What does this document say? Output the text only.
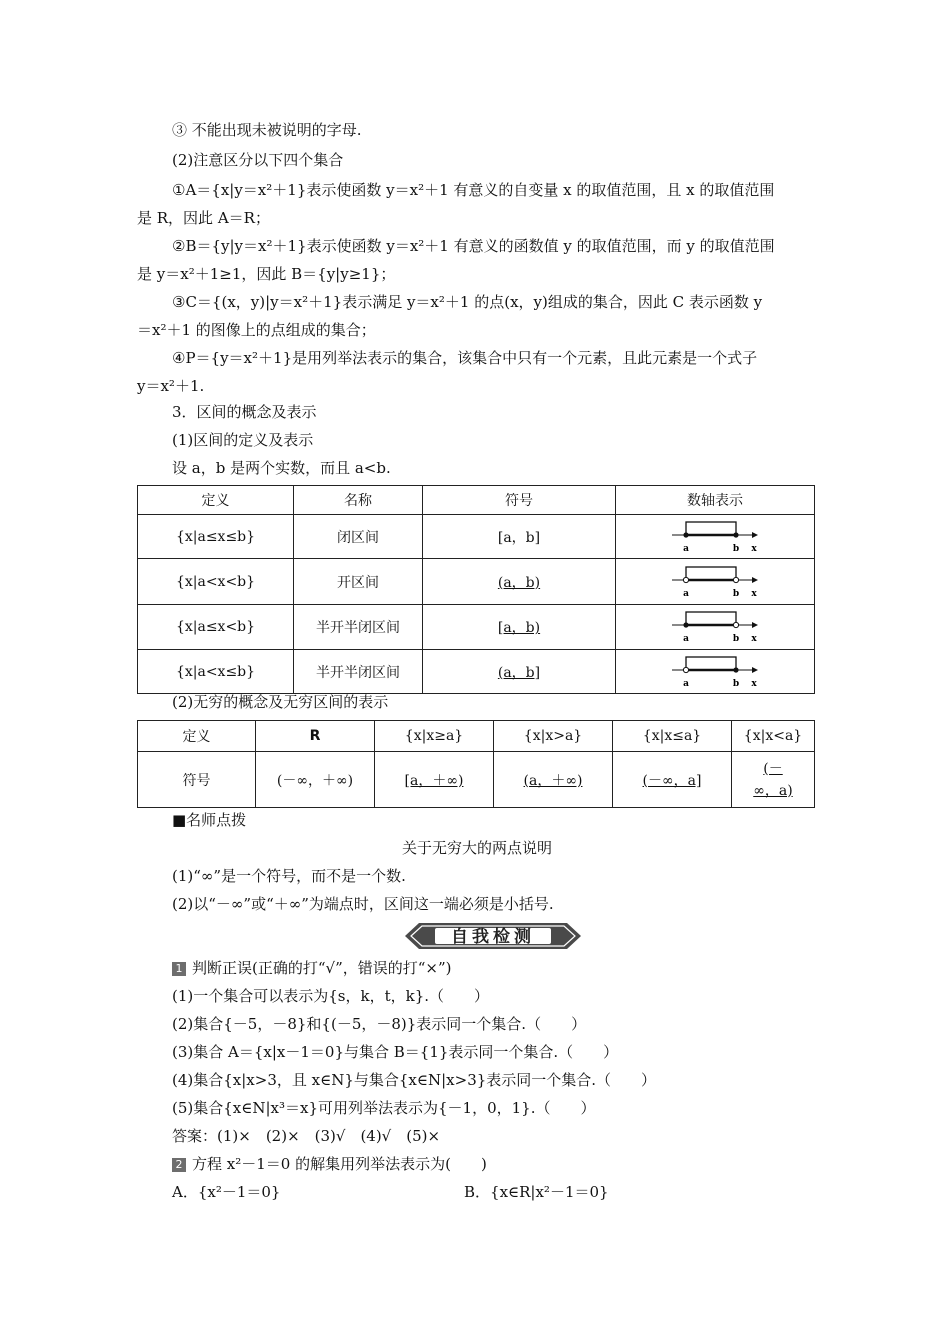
③ 不能出现未被说明的字母.
(2)注意区分以下四个集合
①A＝{x|y＝x²＋1}表示使函数 y＝x²＋1 有意义的自变量 x 的取值范围，且 x 的取值范围
是 R，因此 A＝R；
②B＝{y|y＝x²＋1}表示使函数 y＝x²＋1 有意义的函数值 y 的取值范围，而 y 的取值范围
是 y＝x²＋1≥1，因此 B＝{y|y≥1}；
③C＝{(x，y)|y＝x²＋1}表示满足 y＝x²＋1 的点(x，y)组成的集合，因此 C 表示函数 y
＝x²＋1 的图像上的点组成的集合；
④P＝{y＝x²＋1}是用列举法表示的集合，该集合中只有一个元素，且此元素是一个式子
y＝x²＋1.
3．区间的概念及表示
(1)区间的定义及表示
设 a，b 是两个实数，而且 a<b.
定义	名称	符号	数轴表示
{x|a≤x≤b}	闭区间	[a，b]	a b x

{x|a<x<b}	开区间	(a，b)	a b x

{x|a≤x<b}	半开半闭区间	[a，b)	a b x

{x|a<x≤b}	半开半闭区间	(a，b]	a b x
(2)无穷的概念及无穷区间的表示
定义	R	{x|x≥a}	{x|x>a}	{x|x≤a}	{x|x<a}
符号	(－∞，＋∞)	[a，＋∞)	(a，＋∞)	(－∞，a]	(－
∞，a)
■名师点拨
关于无穷大的两点说明
(1)“∞”是一个符号，而不是一个数.
(2)以“－∞”或“＋∞”为端点时，区间这一端必须是小括号.
自我检测
1 判断正误(正确的打“√”，错误的打“×”)
(1)一个集合可以表示为{s，k，t，k}.（　　）
(2)集合{－5，－8}和{(－5，－8)}表示同一个集合.（　　）
(3)集合 A＝{x|x－1＝0}与集合 B＝{1}表示同一个集合.（　　）
(4)集合{x|x>3，且 x∈N}与集合{x∈N|x>3}表示同一个集合.（　　）
(5)集合{x∈N|x³＝x}可用列举法表示为{－1，0，1}.（　　）
答案：(1)×　(2)×　(3)√　(4)√　(5)×
2 方程 x²－1＝0 的解集用列举法表示为(　　)
A．{x²－1＝0}	B．{x∈R|x²－1＝0}
